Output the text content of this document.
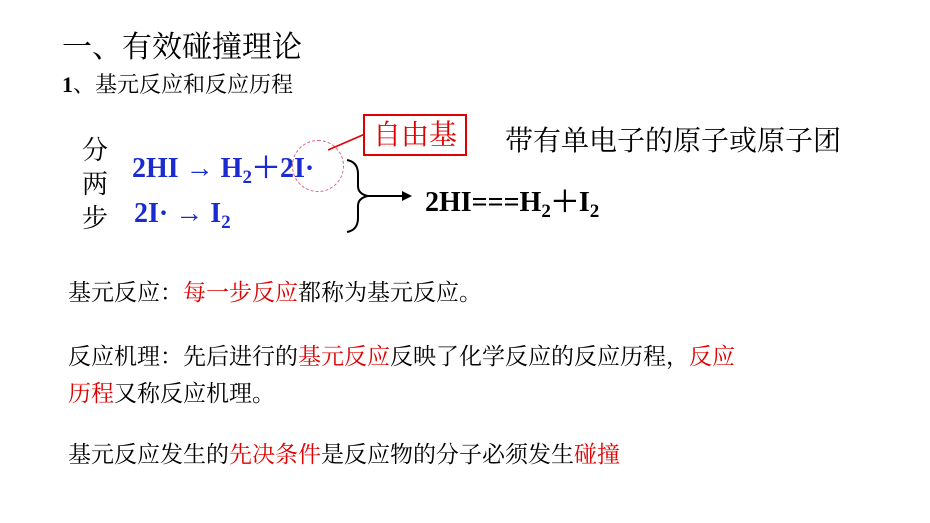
一、有效碰撞理论
1、基元反应和反应历程
分
两
步
$2HI \to H_2+2I\cdot$
$2I\cdot \to I_2$
自由基	带有单电子的原子或原子团
$2HI===H_2+I_2$
基元反应：每一步反应都称为基元反应。
反应机理：先后进行的基元反应反映了化学反应的反应历程，反应
历程又称反应机理。
基元反应发生的先决条件是反应物的分子必须发生碰撞
